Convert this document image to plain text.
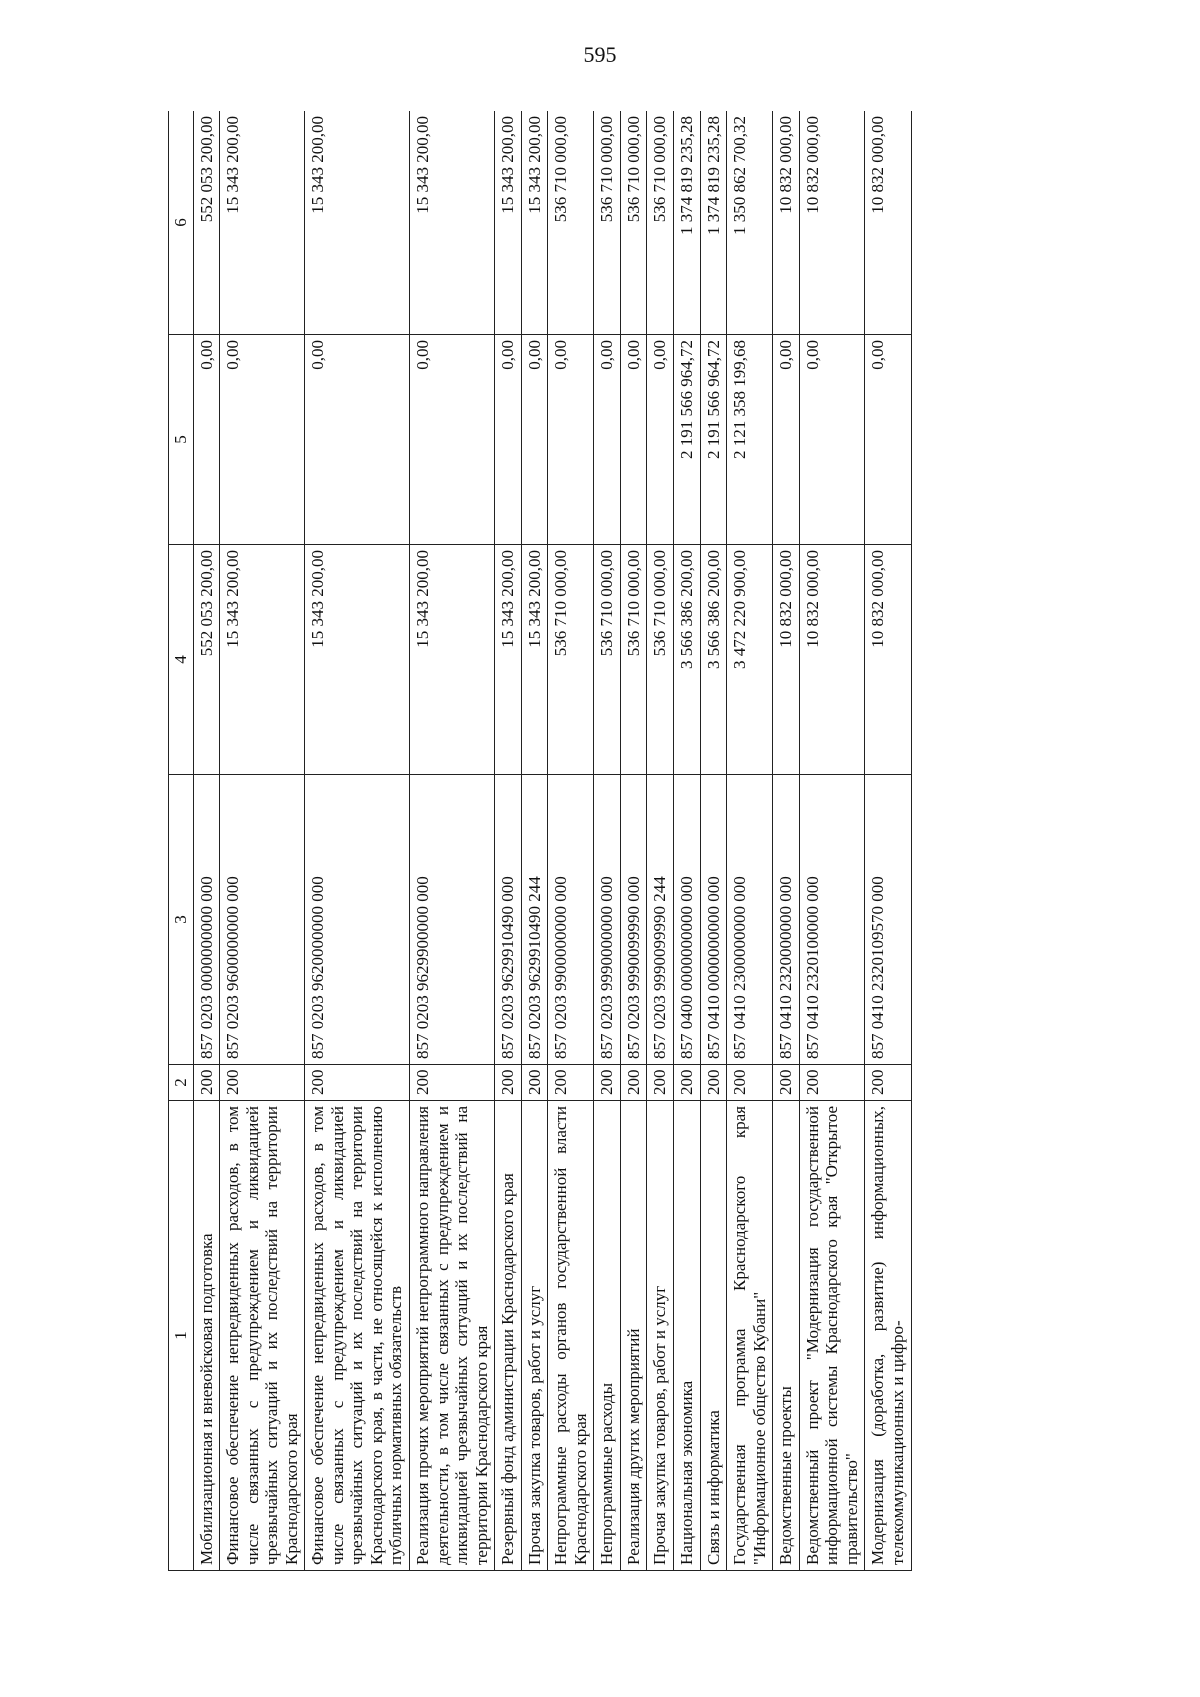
595
1	2	3	4	5	6
Мобилизационная и вневойсковая подготовка	200	857 0203 0000000000 000	552 053 200,00	0,00	552 053 200,00
Финансовое обеспечение непредвиденных расходов, в том числе связанных с предупреждением и ликвидацией чрезвычайных ситуаций и их последствий на территории Краснодарского края	200	857 0203 9600000000 000	15 343 200,00	0,00	15 343 200,00
Финансовое обеспечение непредвиденных расходов, в том числе связанных с предупреждением и ликвидацией чрезвычайных ситуаций и их последствий на территории Краснодарского края, в части, не относящейся к исполнению публичных нормативных обязательств	200	857 0203 9620000000 000	15 343 200,00	0,00	15 343 200,00
Реализация прочих мероприятий непрограммного направления деятельности, в том числе связанных с предупреждением и ликвидацией чрезвычайных ситуаций и их последствий на территории Краснодарского края	200	857 0203 9629900000 000	15 343 200,00	0,00	15 343 200,00
Резервный фонд администрации Краснодарского края	200	857 0203 9629910490 000	15 343 200,00	0,00	15 343 200,00
Прочая закупка товаров, работ и услуг	200	857 0203 9629910490 244	15 343 200,00	0,00	15 343 200,00
Непрограммные расходы органов государственной власти Краснодарского края	200	857 0203 9900000000 000	536 710 000,00	0,00	536 710 000,00
Непрограммные расходы	200	857 0203 9990000000 000	536 710 000,00	0,00	536 710 000,00
Реализация других мероприятий	200	857 0203 9990099990 000	536 710 000,00	0,00	536 710 000,00
Прочая закупка товаров, работ и услуг	200	857 0203 9990099990 244	536 710 000,00	0,00	536 710 000,00
Национальная экономика	200	857 0400 0000000000 000	3 566 386 200,00	2 191 566 964,72	1 374 819 235,28
Связь и информатика	200	857 0410 0000000000 000	3 566 386 200,00	2 191 566 964,72	1 374 819 235,28
Государственная программа Краснодарского края "Информационное общество Кубани"	200	857 0410 2300000000 000	3 472 220 900,00	2 121 358 199,68	1 350 862 700,32
Ведомственные проекты	200	857 0410 2320000000 000	10 832 000,00	0,00	10 832 000,00
Ведомственный проект "Модернизация государственной информационной системы Краснодарского края "Открытое правительство"	200	857 0410 2320100000 000	10 832 000,00	0,00	10 832 000,00
Модернизация (доработка, развитие) информационных, телекоммуникационных и цифро-	200	857 0410 2320109570 000	10 832 000,00	0,00	10 832 000,00
